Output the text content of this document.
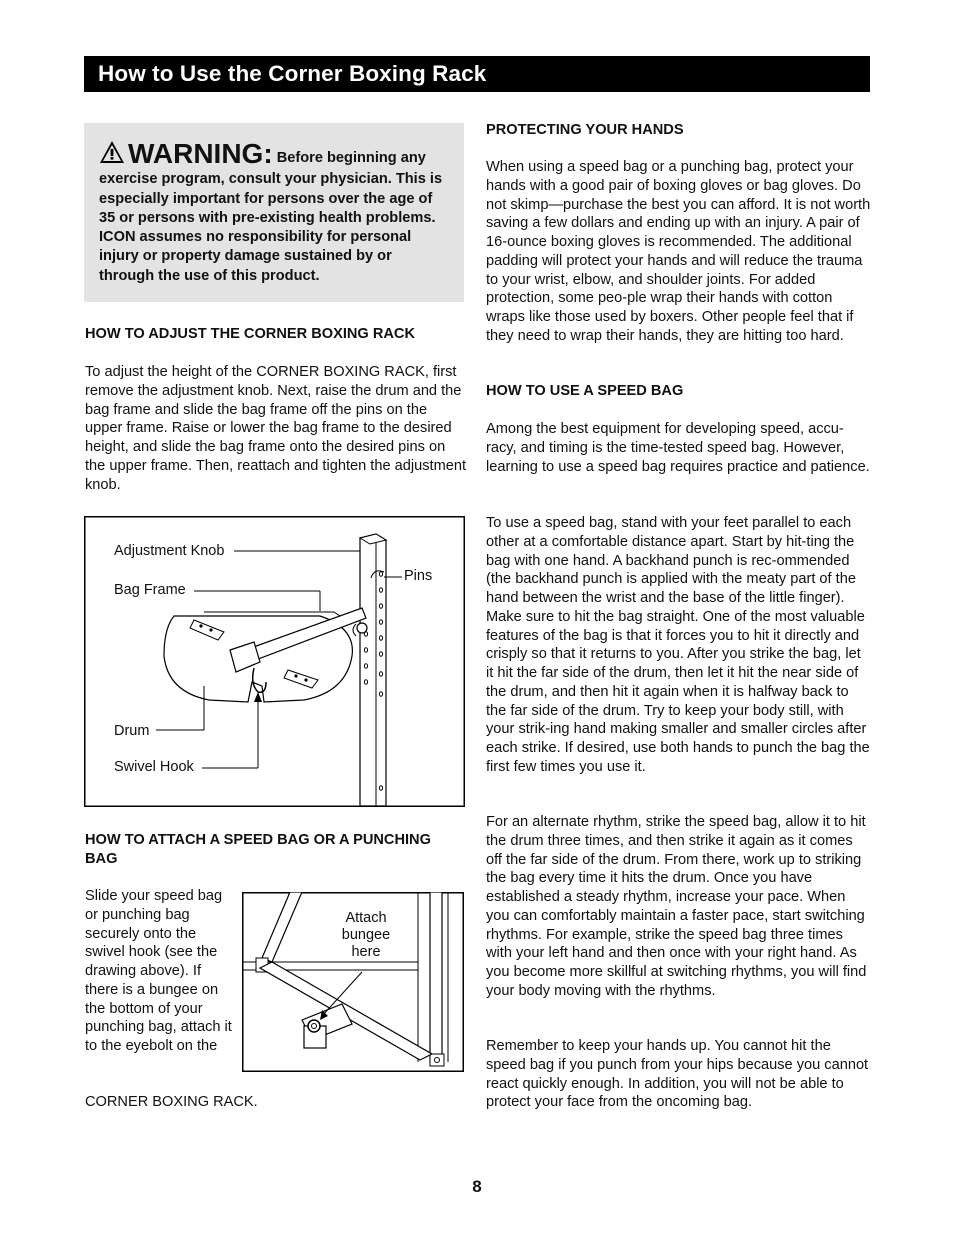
How to Use the Corner Boxing Rack
WARNING: Before beginning any exercise program, consult your physician. This is especially important for persons over the age of 35 or persons with pre-existing health problems. ICON assumes no responsibility for personal injury or property damage sustained by or through the use of this product.
HOW TO ADJUST THE CORNER BOXING RACK
To adjust the height of the CORNER BOXING RACK, first remove the adjustment knob. Next, raise the drum and the bag frame and slide the bag frame off the pins on the upper frame. Raise or lower the bag frame to the desired height, and slide the bag frame onto the desired pins on the upper frame. Then, reattach and tighten the adjustment knob.
Adjustment Knob
Bag Frame
Pins
Drum
Swivel Hook
HOW TO ATTACH A SPEED BAG OR A PUNCHING BAG
Slide your speed bag or punching bag securely onto the swivel hook (see the drawing above). If there is a bungee on the bottom of your punching bag, attach it to the eyebolt on the
CORNER BOXING RACK.
Attach bungee here
PROTECTING YOUR HANDS
When using a speed bag or a punching bag, protect your hands with a good pair of boxing gloves or bag gloves. Do not skimp—purchase the best you can afford. It is not worth saving a few dollars and ending up with an injury. A pair of 16-ounce boxing gloves is recommended. The additional padding will protect your hands and will reduce the trauma to your wrist, elbow, and shoulder joints. For added protection, some peo-ple wrap their hands with cotton wraps like those used by boxers. Other people feel that if they need to wrap their hands, they are hitting too hard.
HOW TO USE A SPEED BAG
Among the best equipment for developing speed, accu-racy, and timing is the time-tested speed bag. However, learning to use a speed bag requires practice and patience.
To use a speed bag, stand with your feet parallel to each other at a comfortable distance apart. Start by hit-ting the bag with one hand. A backhand punch is rec-ommended (the backhand punch is applied with the meaty part of the hand between the wrist and the base of the little finger). Make sure to hit the bag straight. One of the most valuable features of the bag is that it forces you to hit it directly and crisply so that it returns to you. After you strike the bag, let it hit the far side of the drum, then let it hit the near side of the drum, and then hit it again when it is halfway back to the far side of the drum. Try to keep your body still, with your strik-ing hand making smaller and smaller circles after each strike. If desired, use both hands to punch the bag the first few times you use it.
For an alternate rhythm, strike the speed bag, allow it to hit the drum three times, and then strike it again as it comes off the far side of the drum. From there, work up to striking the bag every time it hits the drum. Once you have established a steady rhythm, increase your pace. When you can comfortably maintain a faster pace, start switching rhythms. For example, strike the speed bag three times with your left hand and then once with your right hand. As you become more skillful at switching rhythms, you will find your body moving with the rhythms.
Remember to keep your hands up. You cannot hit the speed bag if you punch from your hips because you cannot react quickly enough. In addition, you will not be able to protect your face from the oncoming bag.
8
